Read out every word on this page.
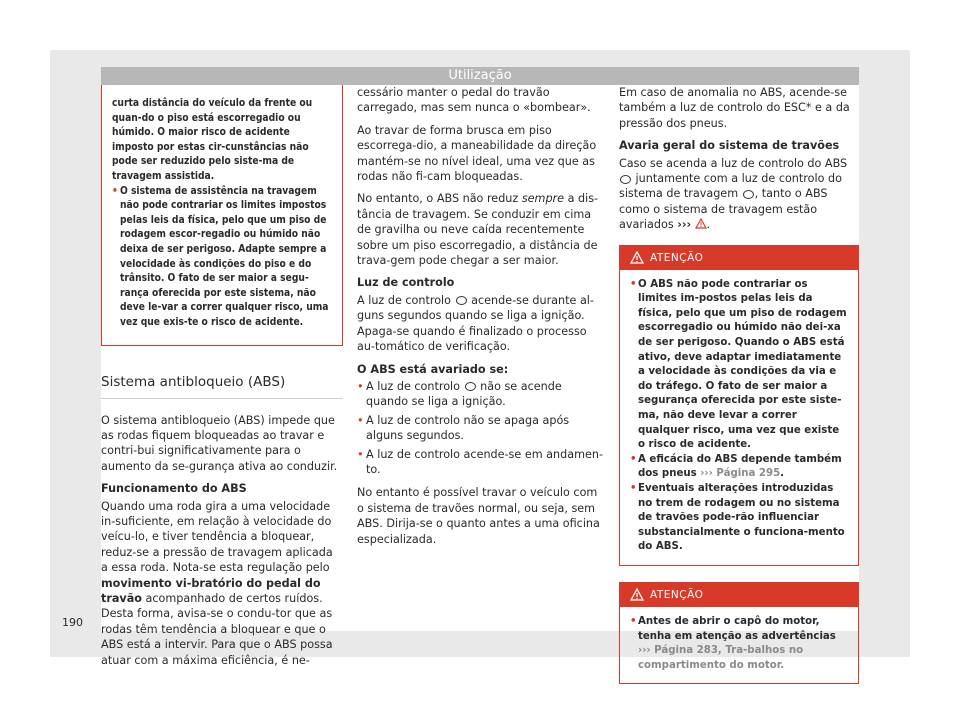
Utilização
curta distância do veículo da frente ou quan-do o piso está escorregadio ou húmido. O maior risco de acidente imposto por estas cir-cunstâncias não pode ser reduzido pelo siste-ma de travagem assistida.
• O sistema de assistência na travagem não pode contrariar os limites impostos pelas leis da física, pelo que um piso de rodagem escor-regadio ou húmido não deixa de ser perigoso. Adapte sempre a velocidade às condições do piso e do trânsito. O fato de ser maior a segu-rança oferecida por este sistema, não deve le-var a correr qualquer risco, uma vez que exis-te o risco de acidente.
Sistema antibloqueio (ABS)

O sistema antibloqueio (ABS) impede que as rodas fiquem bloqueadas ao travar e contri-bui significativamente para o aumento da se-gurança ativa ao conduzir.

Funcionamento do ABS

Quando uma roda gira a uma velocidade in-suficiente, em relação à velocidade do veícu-lo, e tiver tendência a bloquear, reduz-se a pressão de travagem aplicada a essa roda. Nota-se esta regulação pelo movimento vi-bratório do pedal do travão acompanhado de certos ruídos. Desta forma, avisa-se o condu-tor que as rodas têm tendência a bloquear e que o ABS está a intervir. Para que o ABS possa atuar com a máxima eficiência, é ne-

cessário manter o pedal do travão carregado, mas sem nunca o «bombear».

Ao travar de forma brusca em piso escorrega-dio, a maneabilidade da direção mantém-se no nível ideal, uma vez que as rodas não fi-cam bloqueadas.

No entanto, o ABS não reduz sempre a dis-tância de travagem. Se conduzir em cima de gravilha ou neve caída recentemente sobre um piso escorregadio, a distância de trava-gem pode chegar a ser maior.

Luz de controlo

A luz de controlo  acende-se durante al-guns segundos quando se liga a ignição. Apaga-se quando é finalizado o processo au-tomático de verificação.

O ABS está avariado se:

• A luz de controlo  não se acende quando se liga a ignição.
• A luz de controlo não se apaga após alguns segundos.
• A luz de controlo acende-se em andamen-to.

No entanto é possível travar o veículo com o sistema de travões normal, ou seja, sem ABS. Dirija-se o quanto antes a uma oficina especializada.

Em caso de anomalia no ABS, acende-se também a luz de controlo do ESC* e a da pressão dos pneus.

Avaria geral do sistema de travões

Caso se acenda a luz de controlo do ABS  juntamente com a luz de controlo do sistema de travagem , tanto o ABS como o sistema de travagem estão avariados ››› .

ATENÇÃO
• O ABS não pode contrariar os limites im-postos pelas leis da física, pelo que um piso de rodagem escorregadio ou húmido não dei-xa de ser perigoso. Quando o ABS está ativo, deve adaptar imediatamente a velocidade às condições da via e do tráfego. O fato de ser maior a segurança oferecida por este siste-ma, não deve levar a correr qualquer risco, uma vez que existe o risco de acidente.
• A eficácia do ABS depende também dos pneus ››› Página 295.
• Eventuais alterações introduzidas no trem de rodagem ou no sistema de travões pode-rão influenciar substancialmente o funciona-mento do ABS.
ATENÇÃO
• Antes de abrir o capô do motor, tenha em atenção as advertências ››› Página 283, Tra-balhos no compartimento do motor.
190
